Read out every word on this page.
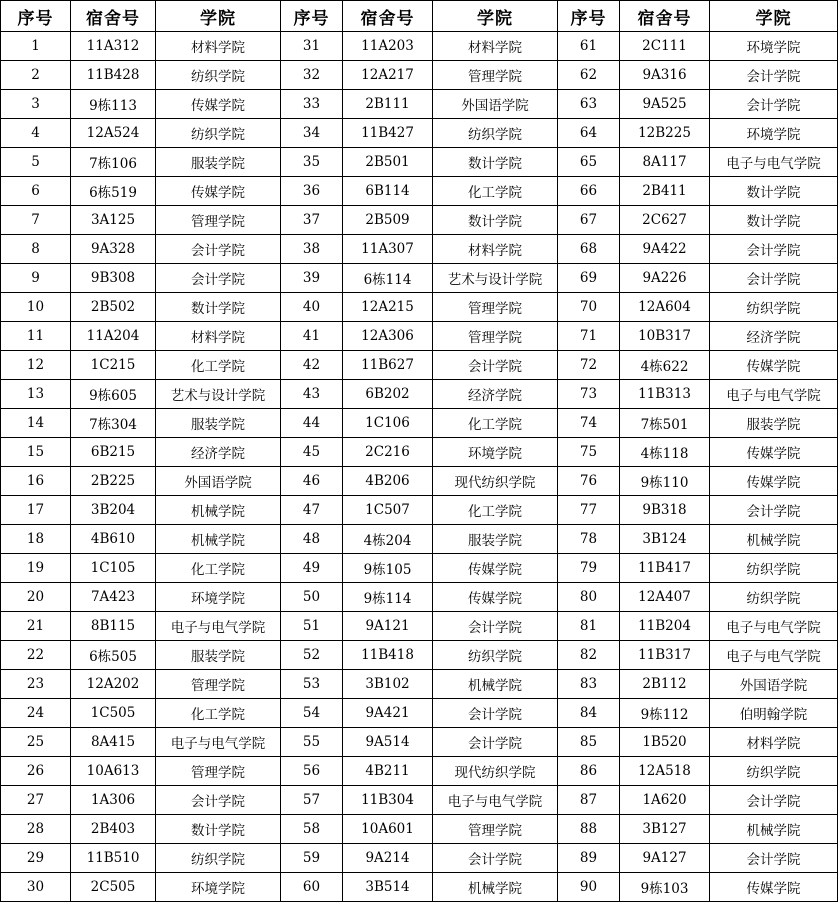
序号	宿舍号	学院	序号	宿舍号	学院	序号	宿舍号	学院
1	11A312	材料学院	31	11A203	材料学院	61	2C111	环境学院
2	11B428	纺织学院	32	12A217	管理学院	62	9A316	会计学院
3	9栋113	传媒学院	33	2B111	外国语学院	63	9A525	会计学院
4	12A524	纺织学院	34	11B427	纺织学院	64	12B225	环境学院
5	7栋106	服装学院	35	2B501	数计学院	65	8A117	电子与电气学院
6	6栋519	传媒学院	36	6B114	化工学院	66	2B411	数计学院
7	3A125	管理学院	37	2B509	数计学院	67	2C627	数计学院
8	9A328	会计学院	38	11A307	材料学院	68	9A422	会计学院
9	9B308	会计学院	39	6栋114	艺术与设计学院	69	9A226	会计学院
10	2B502	数计学院	40	12A215	管理学院	70	12A604	纺织学院
11	11A204	材料学院	41	12A306	管理学院	71	10B317	经济学院
12	1C215	化工学院	42	11B627	会计学院	72	4栋622	传媒学院
13	9栋605	艺术与设计学院	43	6B202	经济学院	73	11B313	电子与电气学院
14	7栋304	服装学院	44	1C106	化工学院	74	7栋501	服装学院
15	6B215	经济学院	45	2C216	环境学院	75	4栋118	传媒学院
16	2B225	外国语学院	46	4B206	现代纺织学院	76	9栋110	传媒学院
17	3B204	机械学院	47	1C507	化工学院	77	9B318	会计学院
18	4B610	机械学院	48	4栋204	服装学院	78	3B124	机械学院
19	1C105	化工学院	49	9栋105	传媒学院	79	11B417	纺织学院
20	7A423	环境学院	50	9栋114	传媒学院	80	12A407	纺织学院
21	8B115	电子与电气学院	51	9A121	会计学院	81	11B204	电子与电气学院
22	6栋505	服装学院	52	11B418	纺织学院	82	11B317	电子与电气学院
23	12A202	管理学院	53	3B102	机械学院	83	2B112	外国语学院
24	1C505	化工学院	54	9A421	会计学院	84	9栋112	伯明翰学院
25	8A415	电子与电气学院	55	9A514	会计学院	85	1B520	材料学院
26	10A613	管理学院	56	4B211	现代纺织学院	86	12A518	纺织学院
27	1A306	会计学院	57	11B304	电子与电气学院	87	1A620	会计学院
28	2B403	数计学院	58	10A601	管理学院	88	3B127	机械学院
29	11B510	纺织学院	59	9A214	会计学院	89	9A127	会计学院
30	2C505	环境学院	60	3B514	机械学院	90	9栋103	传媒学院
